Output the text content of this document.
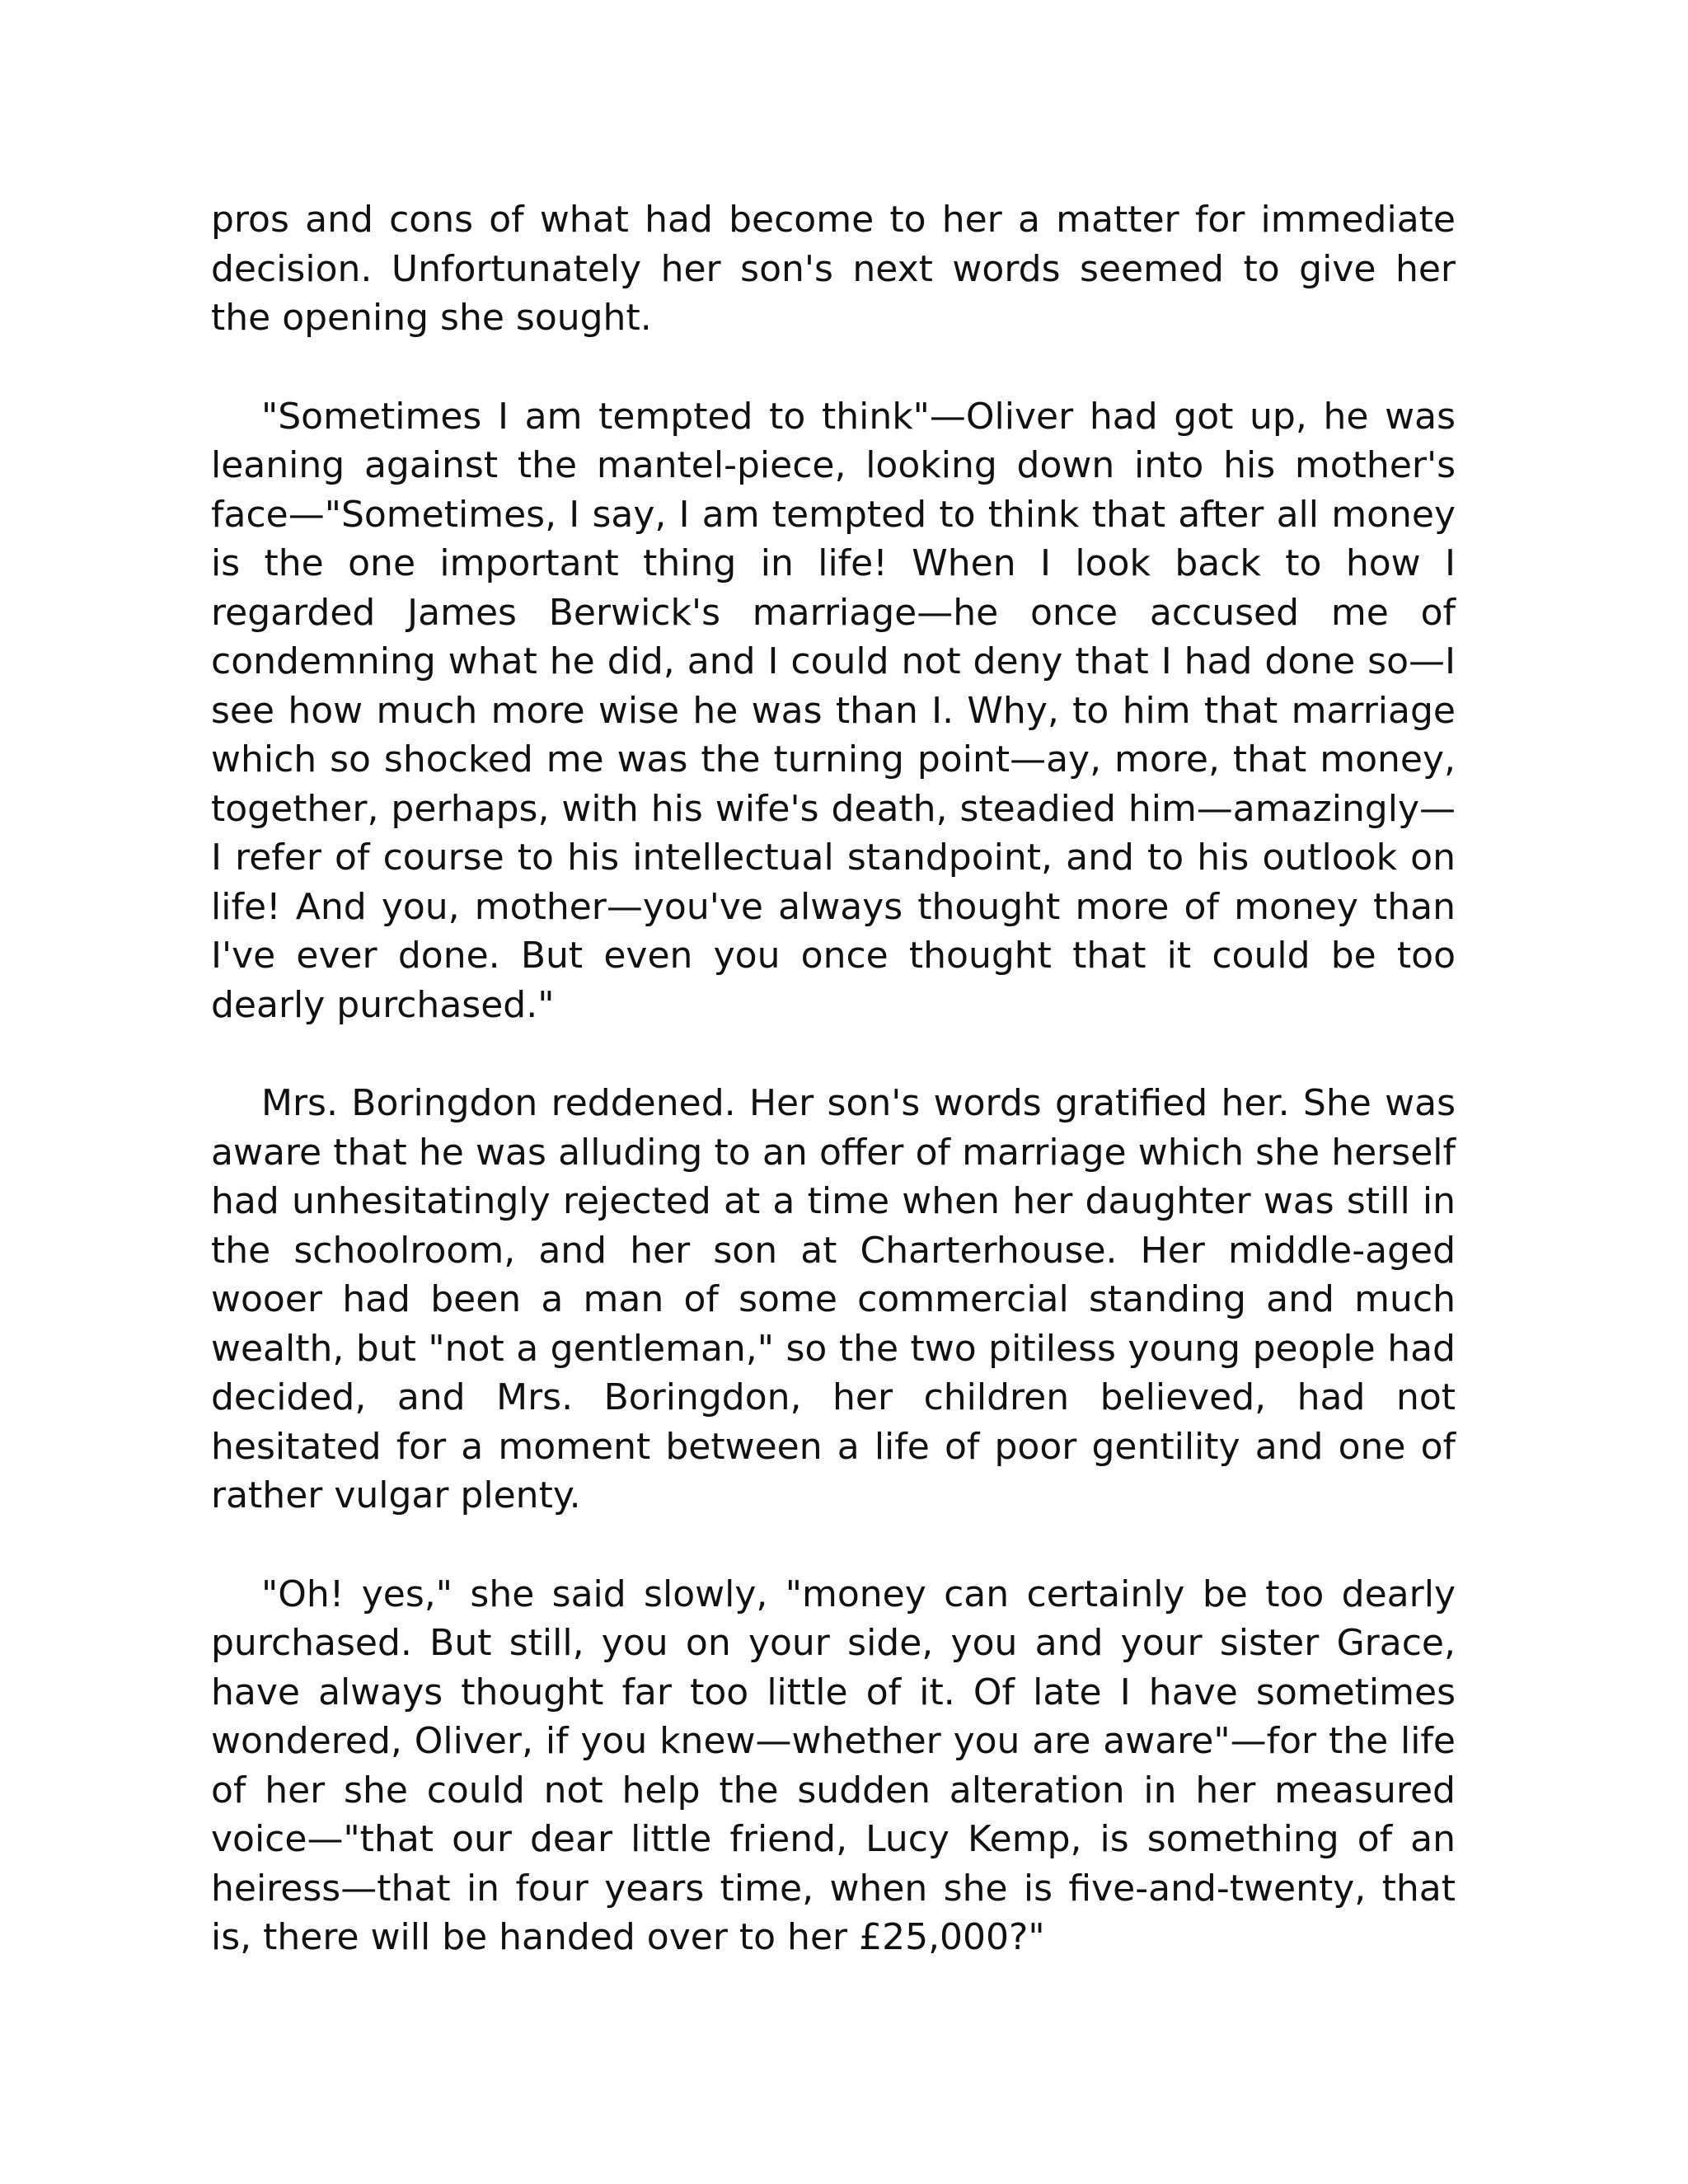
pros and cons of what had become to her a matter for immediate decision. Unfortunately her son's next words seemed to give her the opening she sought.

"Sometimes I am tempted to think"—Oliver had got up, he was leaning against the mantel-piece, looking down into his mother's face—"Sometimes, I say, I am tempted to think that after all money is the one important thing in life! When I look back to how I regarded James Berwick's marriage—he once accused me of condemning what he did, and I could not deny that I had done so—I see how much more wise he was than I. Why, to him that marriage which so shocked me was the turning point—ay, more, that money, together, perhaps, with his wife's death, steadied him—amazingly—I refer of course to his intellectual standpoint, and to his outlook on life! And you, mother—you've always thought more of money than I've ever done. But even you once thought that it could be too dearly purchased."

Mrs. Boringdon reddened. Her son's words gratified her. She was aware that he was alluding to an offer of marriage which she herself had unhesitatingly rejected at a time when her daughter was still in the schoolroom, and her son at Charterhouse. Her middle-aged wooer had been a man of some commercial standing and much wealth, but "not a gentleman," so the two pitiless young people had decided, and Mrs. Boringdon, her children believed, had not hesitated for a moment between a life of poor gentility and one of rather vulgar plenty.

"Oh! yes," she said slowly, "money can certainly be too dearly purchased. But still, you on your side, you and your sister Grace, have always thought far too little of it. Of late I have sometimes wondered, Oliver, if you knew—whether you are aware"—for the life of her she could not help the sudden alteration in her measured voice—"that our dear little friend, Lucy Kemp, is something of an heiress—that in four years time, when she is five-and-twenty, that is, there will be handed over to her £25,000?"
